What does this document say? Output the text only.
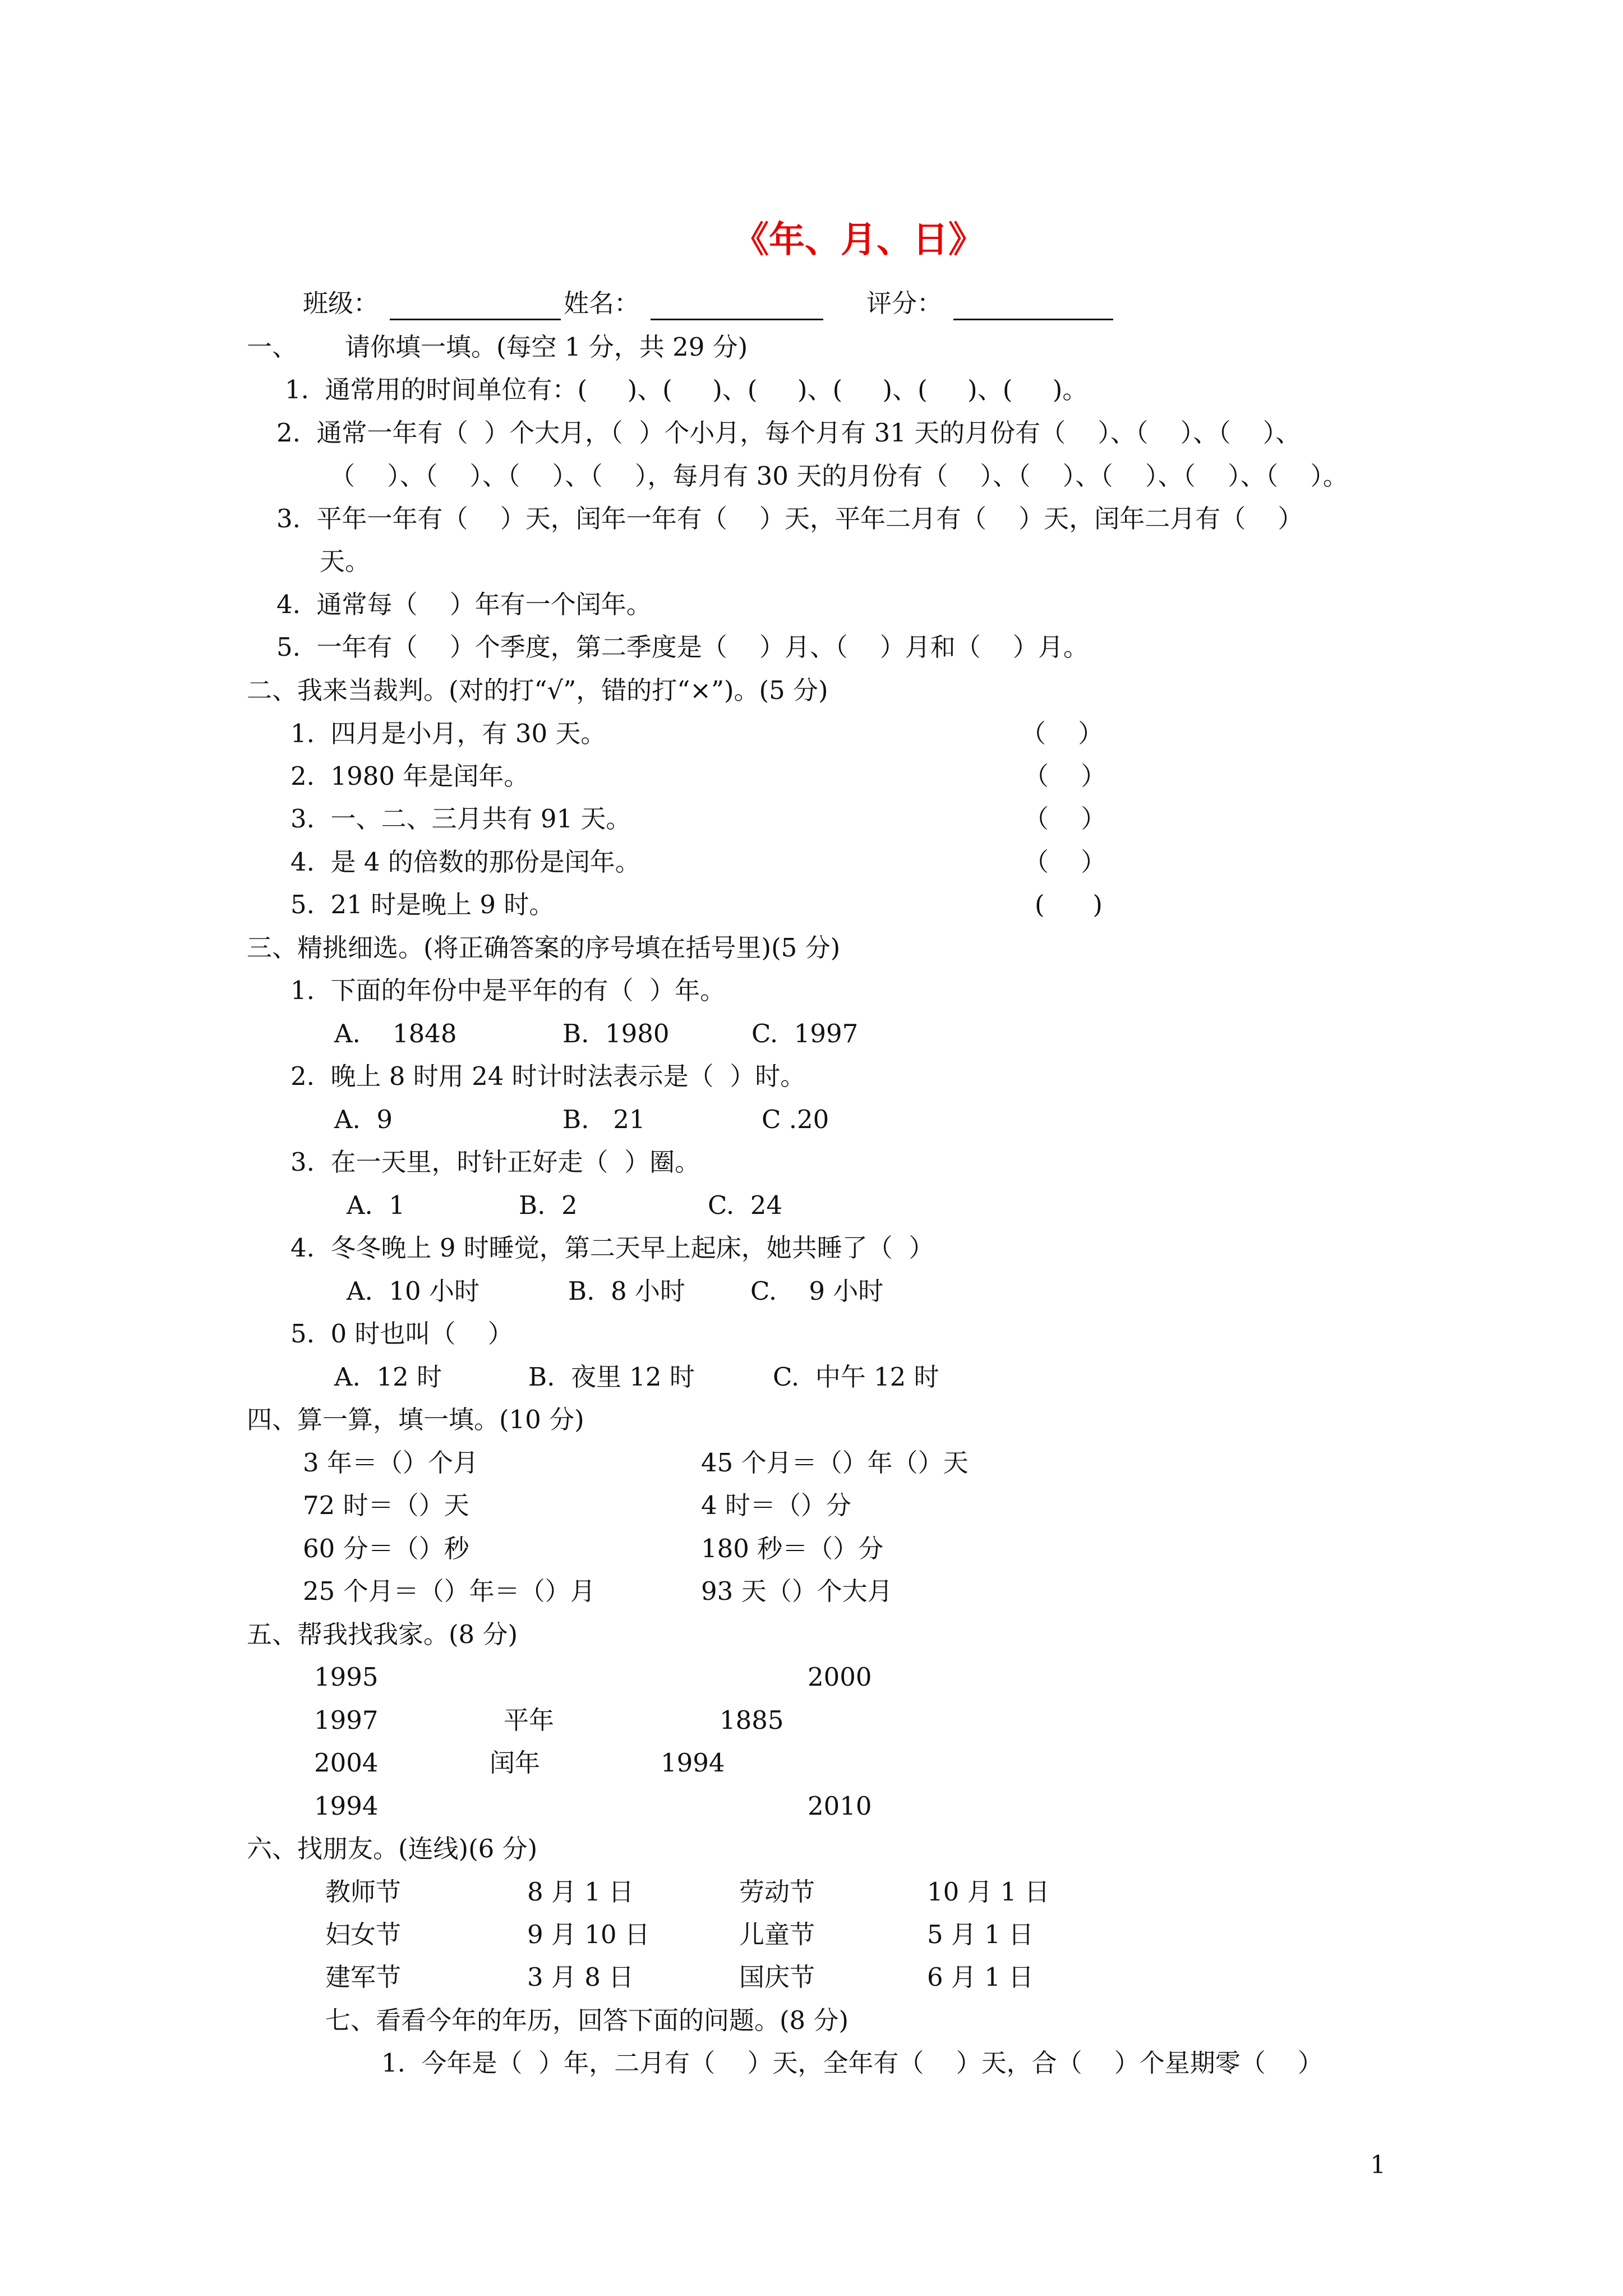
《年、月、日》
班级：	姓名：	评分：
一、 请你填一填。(每空 1 分，共 29 分)
1.  通常用的时间单位有：(     )、(     )、(     )、(     )、(     )、(     )。
2.  通常一年有（  ）个大月，（  ）个小月，每个月有 31 天的月份有（    ）、（    ）、（    ）、
（    ）、（    ）、（    ）、（    ），每月有 30 天的月份有（    ）、（    ）、（    ）、（    ）、（    ）。
3.  平年一年有（    ）天，闰年一年有（    ）天，平年二月有（    ）天，闰年二月有（    ）
天。
4.  通常每（    ）年有一个闰年。
5.  一年有（    ）个季度，第二季度是（    ）月、（    ）月和（    ）月。
二、我来当裁判。(对的打“√”，错的打“×”)。(5 分)
1.  四月是小月，有 30 天。	（    ）
2.  1980 年是闰年。	（    ）
3.  一、二、三月共有 91 天。	（    ）
4.  是 4 的倍数的那份是闰年。	（    ）
5.  21 时是晚上 9 时。	(      )
三、精挑细选。(将正确答案的序号填在括号里)(5 分)
1.  下面的年份中是平年的有（  ）年。
A.    1848	B.  1980	C.  1997
2.  晚上 8 时用 24 时计时法表示是（  ）时。
A.  9	B.   21	C .20
3.  在一天里，时针正好走（  ）圈。
A.  1	B.  2	C.  24
4.  冬冬晚上 9 时睡觉，第二天早上起床，她共睡了（  ）
A.  10 小时	B.  8 小时	C.    9 小时
5.  0 时也叫（    ）
A.  12 时	B.  夜里 12 时	C.  中午 12 时
四、算一算，填一填。(10 分)
3 年＝（）个月	45 个月＝（）年（）天
72 时＝（）天	4 时＝（）分
60 分＝（）秒	180 秒＝（）分
25 个月＝（）年＝（）月	93 天（）个大月
五、帮我找我家。(8 分)
1995	2000
1997	平年	1885
2004	闰年	1994
1994	2010
六、找朋友。(连线)(6 分)
教师节	8 月 1 日	劳动节	10 月 1 日
妇女节	9 月 10 日	儿童节	5 月 1 日
建军节	3 月 8 日	国庆节	6 月 1 日
七、看看今年的年历，回答下面的问题。(8 分)
1.  今年是（  ）年，二月有（    ）天，全年有（    ）天，合（    ）个星期零（    ）
1
